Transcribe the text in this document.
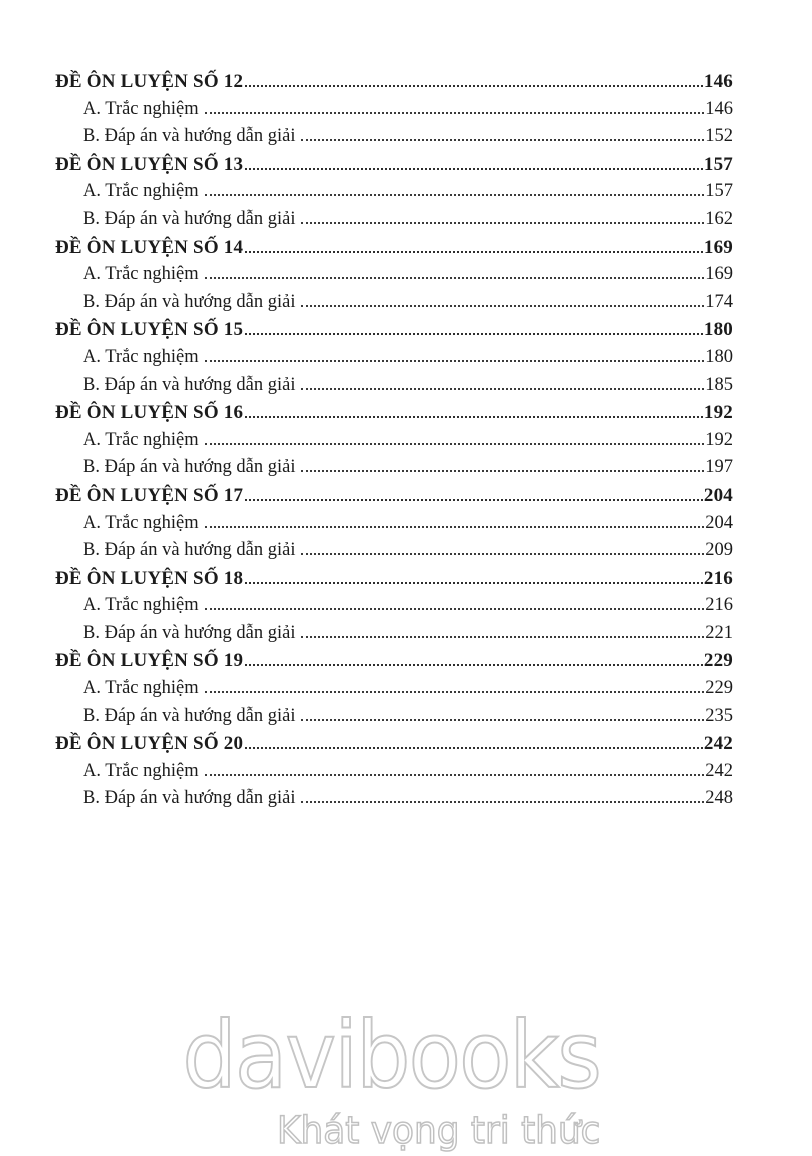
ĐỀ ÔN LUYỆN SỐ 12	146
A. Trắc nghiệm	146
B. Đáp án và hướng dẫn giải	152
ĐỀ ÔN LUYỆN SỐ 13	157
A. Trắc nghiệm	157
B. Đáp án và hướng dẫn giải	162
ĐỀ ÔN LUYỆN SỐ 14	169
A. Trắc nghiệm	169
B. Đáp án và hướng dẫn giải	174
ĐỀ ÔN LUYỆN SỐ 15	180
A. Trắc nghiệm	180
B. Đáp án và hướng dẫn giải	185
ĐỀ ÔN LUYỆN SỐ 16	192
A. Trắc nghiệm	192
B. Đáp án và hướng dẫn giải	197
ĐỀ ÔN LUYỆN SỐ 17	204
A. Trắc nghiệm	204
B. Đáp án và hướng dẫn giải	209
ĐỀ ÔN LUYỆN SỐ 18	216
A. Trắc nghiệm	216
B. Đáp án và hướng dẫn giải	221
ĐỀ ÔN LUYỆN SỐ 19	229
A. Trắc nghiệm	229
B. Đáp án và hướng dẫn giải	235
ĐỀ ÔN LUYỆN SỐ 20	242
A. Trắc nghiệm	242
B. Đáp án và hướng dẫn giải	248
davibooks
Khát vọng tri thức
